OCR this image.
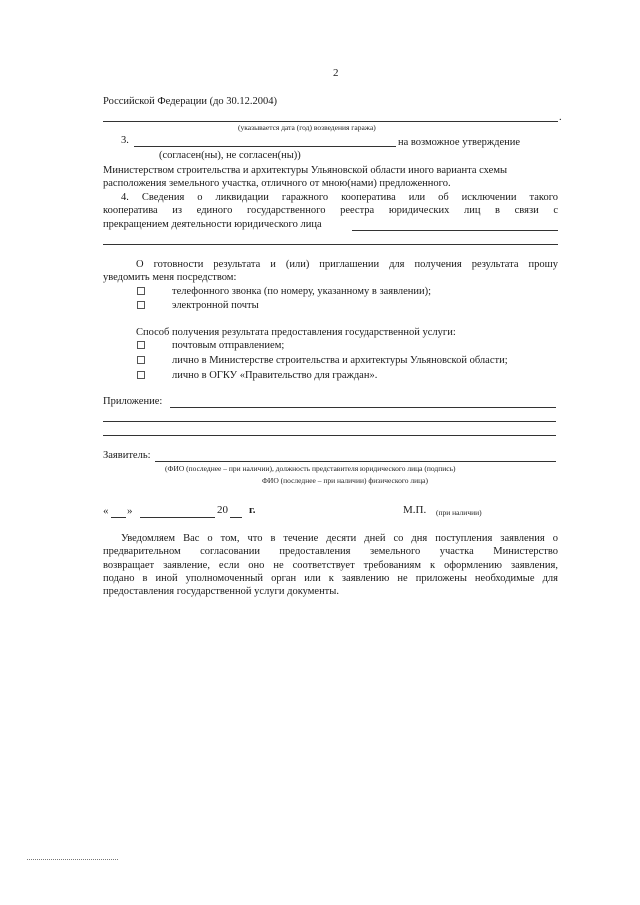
2
Российской Федерации (до 30.12.2004)
.
(указывается дата (год) возведения гаража)
3.	на возможное утверждение
(согласен(ны), не согласен(ны))
Министерством строительства и архитектуры Ульяновской области иного варианта схемы
расположения земельного участка, отличного от мною(нами) предложенного.
4. Сведения о ликвидации гаражного кооператива или об исключении такого
кооператива из единого государственного реестра юридических лиц в связи с
прекращением деятельности юридического лица
О готовности результата и (или) приглашении для получения результата прошу
уведомить меня посредством:
телефонного звонка (по номеру, указанному в заявлении);
электронной почты
Способ получения результата предоставления государственной услуги:
почтовым отправлением;
лично в Министерстве строительства и архитектуры Ульяновской области;
лично в ОГКУ «Правительство для граждан».
Приложение:
Заявитель:
(ФИО (последнее – при наличии), должность представителя юридического лица (подпись)
ФИО (последнее – при наличии) физического лица)
« »	20 г.	М.П. (при наличии)
Уведомляем Вас о том, что в течение десяти дней со дня поступления заявления о
предварительном согласовании предоставления земельного участка Министерство
возвращает заявление, если оно не соответствует требованиям к оформлению заявления,
подано в иной уполномоченный орган или к заявлению не приложены необходимые для
предоставления государственной услуги документы.
